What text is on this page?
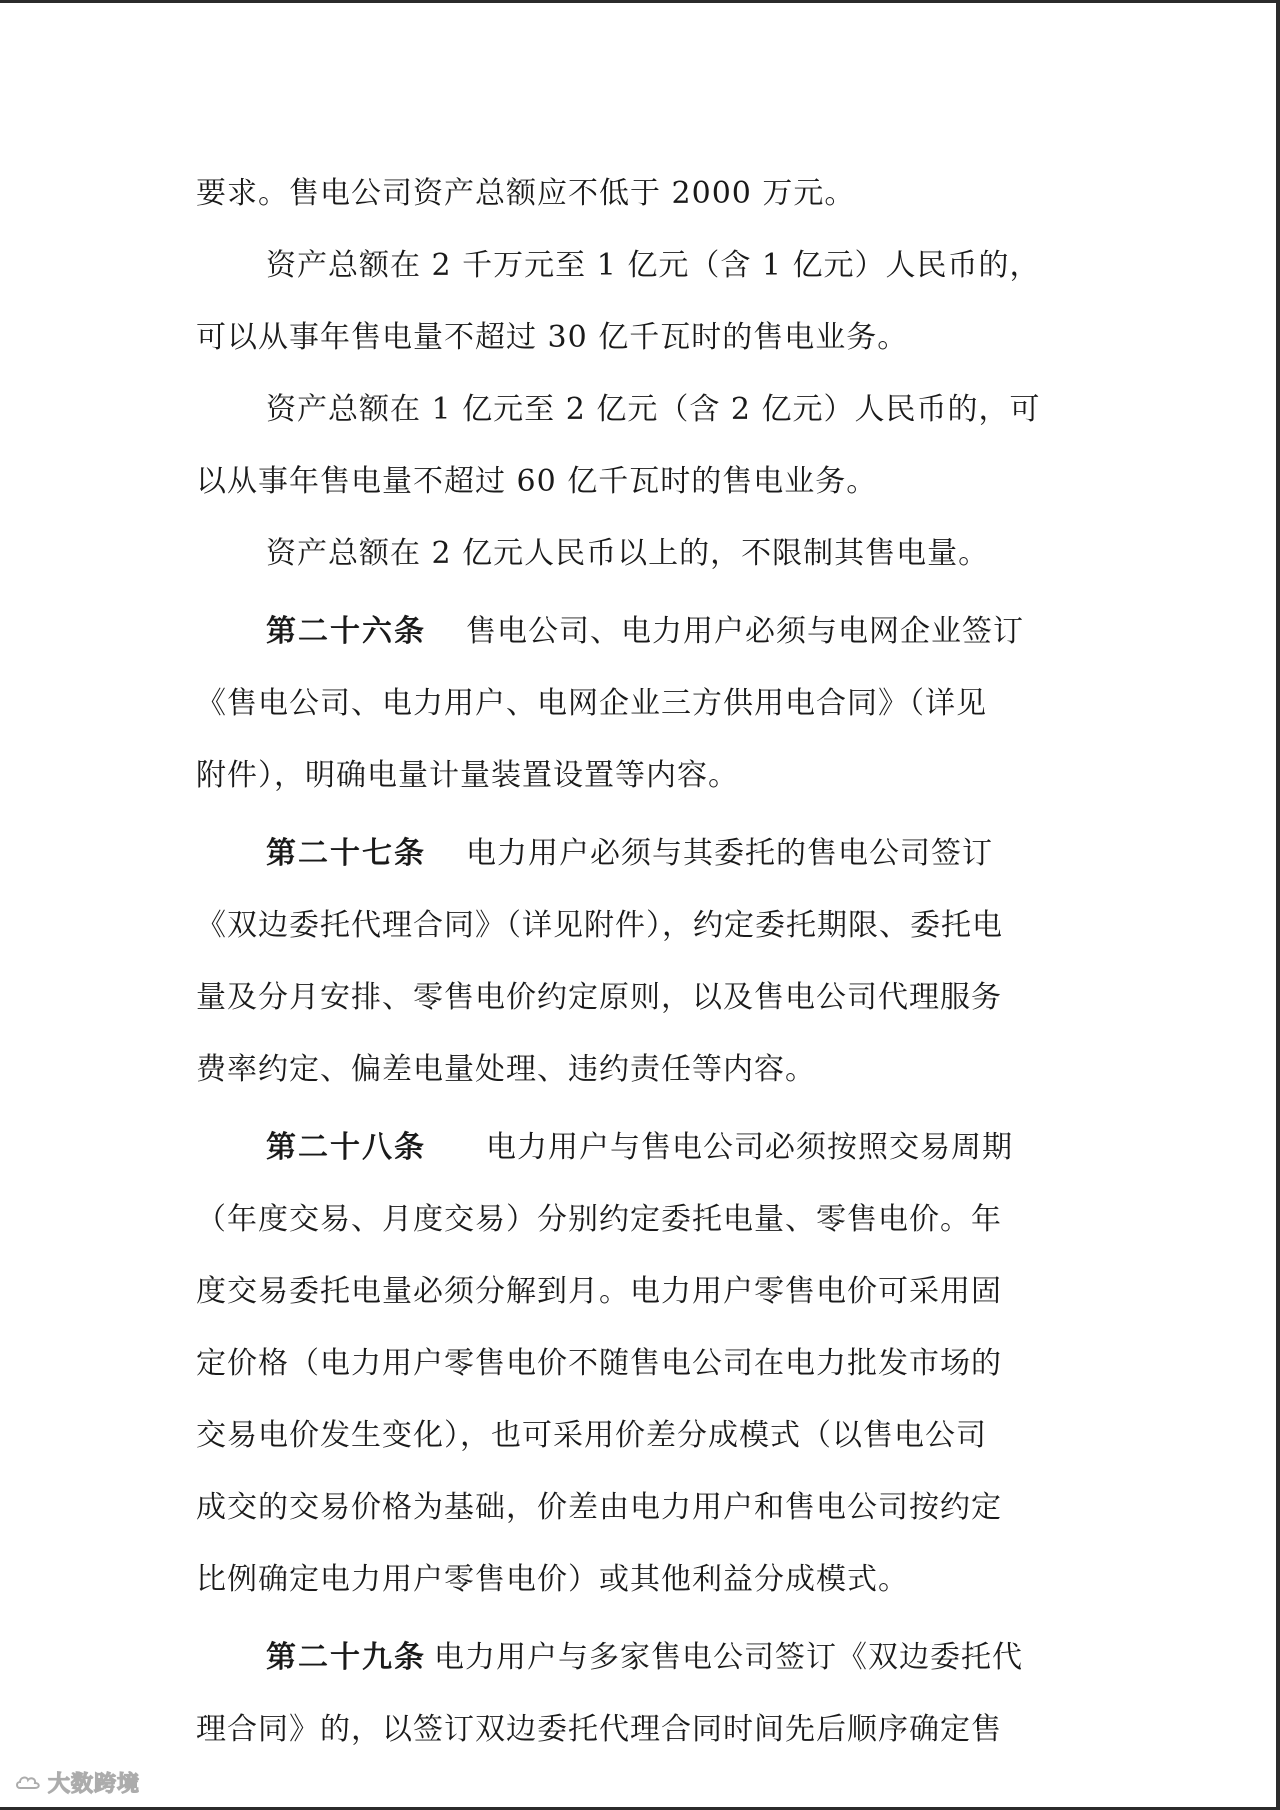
要求。售电公司资产总额应不低于 2000 万元。
资产总额在 2 千万元至 1 亿元（含 1 亿元）人民币的，
可以从事年售电量不超过 30 亿千瓦时的售电业务。
资产总额在 1 亿元至 2 亿元（含 2 亿元）人民币的，可
以从事年售电量不超过 60 亿千瓦时的售电业务。
资产总额在 2 亿元人民币以上的，不限制其售电量。
第二十六条 售电公司、电力用户必须与电网企业签订
《售电公司、电力用户、电网企业三方供用电合同》（详见
附件），明确电量计量装置设置等内容。
第二十七条 电力用户必须与其委托的售电公司签订
《双边委托代理合同》（详见附件），约定委托期限、委托电
量及分月安排、零售电价约定原则，以及售电公司代理服务
费率约定、偏差电量处理、违约责任等内容。
第二十八条 电力用户与售电公司必须按照交易周期
（年度交易、月度交易）分别约定委托电量、零售电价。年
度交易委托电量必须分解到月。电力用户零售电价可采用固
定价格（电力用户零售电价不随售电公司在电力批发市场的
交易电价发生变化），也可采用价差分成模式（以售电公司
成交的交易价格为基础，价差由电力用户和售电公司按约定
比例确定电力用户零售电价）或其他利益分成模式。
第二十九条 电力用户与多家售电公司签订《双边委托代
理合同》的，以签订双边委托代理合同时间先后顺序确定售
大数跨境
